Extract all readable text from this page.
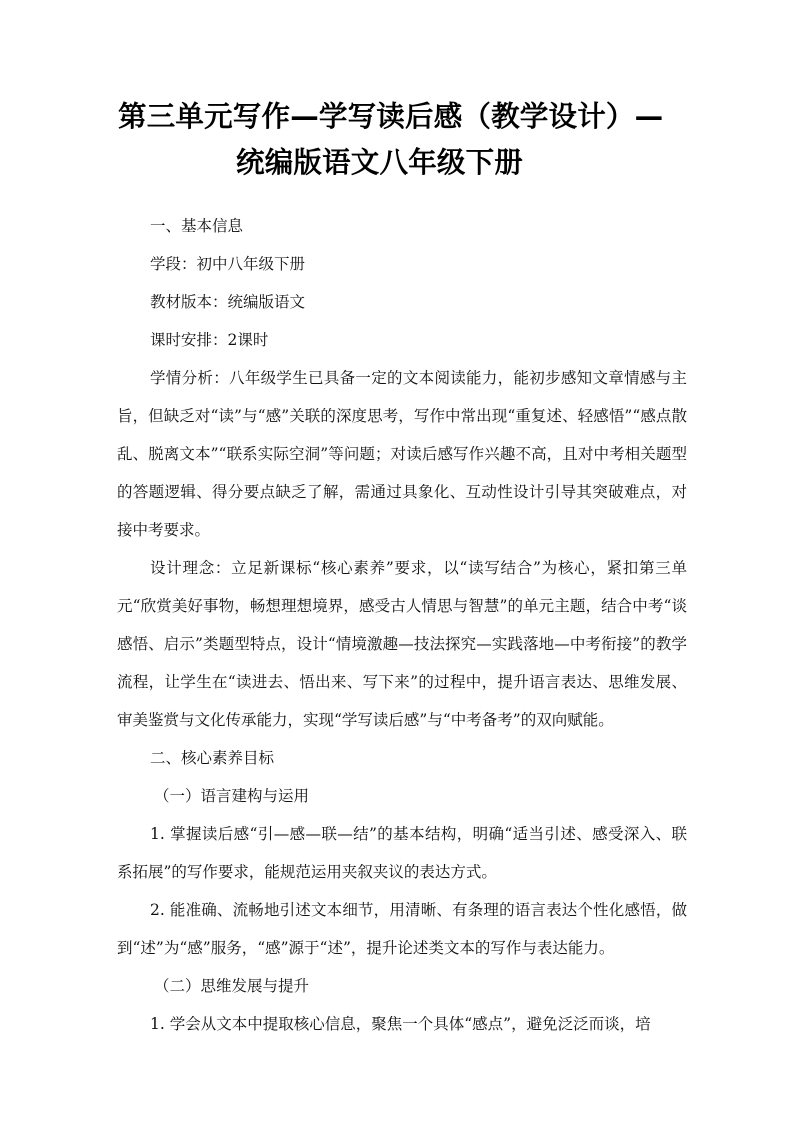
第三单元写作—学写读后感（教学设计）—
统编版语文八年级下册

一、基本信息

学段：初中八年级下册

教材版本：统编版语文

课时安排：2课时

学情分析：八年级学生已具备一定的文本阅读能力，能初步感知文章情感与主旨，但缺乏对“读”与“感”关联的深度思考，写作中常出现“重复述、轻感悟”“感点散乱、脱离文本”“联系实际空洞”等问题；对读后感写作兴趣不高，且对中考相关题型的答题逻辑、得分要点缺乏了解，需通过具象化、互动性设计引导其突破难点，对接中考要求。

设计理念：立足新课标“核心素养”要求，以“读写结合”为核心，紧扣第三单元“欣赏美好事物，畅想理想境界，感受古人情思与智慧”的单元主题，结合中考“谈感悟、启示”类题型特点，设计“情境激趣—技法探究—实践落地—中考衔接”的教学流程，让学生在“读进去、悟出来、写下来”的过程中，提升语言表达、思维发展、审美鉴赏与文化传承能力，实现“学写读后感”与“中考备考”的双向赋能。

二、核心素养目标

（一）语言建构与运用

1. 掌握读后感“引—感—联—结”的基本结构，明确“适当引述、感受深入、联系拓展”的写作要求，能规范运用夹叙夹议的表达方式。

2. 能准确、流畅地引述文本细节，用清晰、有条理的语言表达个性化感悟，做到“述”为“感”服务，“感”源于“述”，提升论述类文本的写作与表达能力。

（二）思维发展与提升

1. 学会从文本中提取核心信息，聚焦一个具体“感点”，避免泛泛而谈，培
